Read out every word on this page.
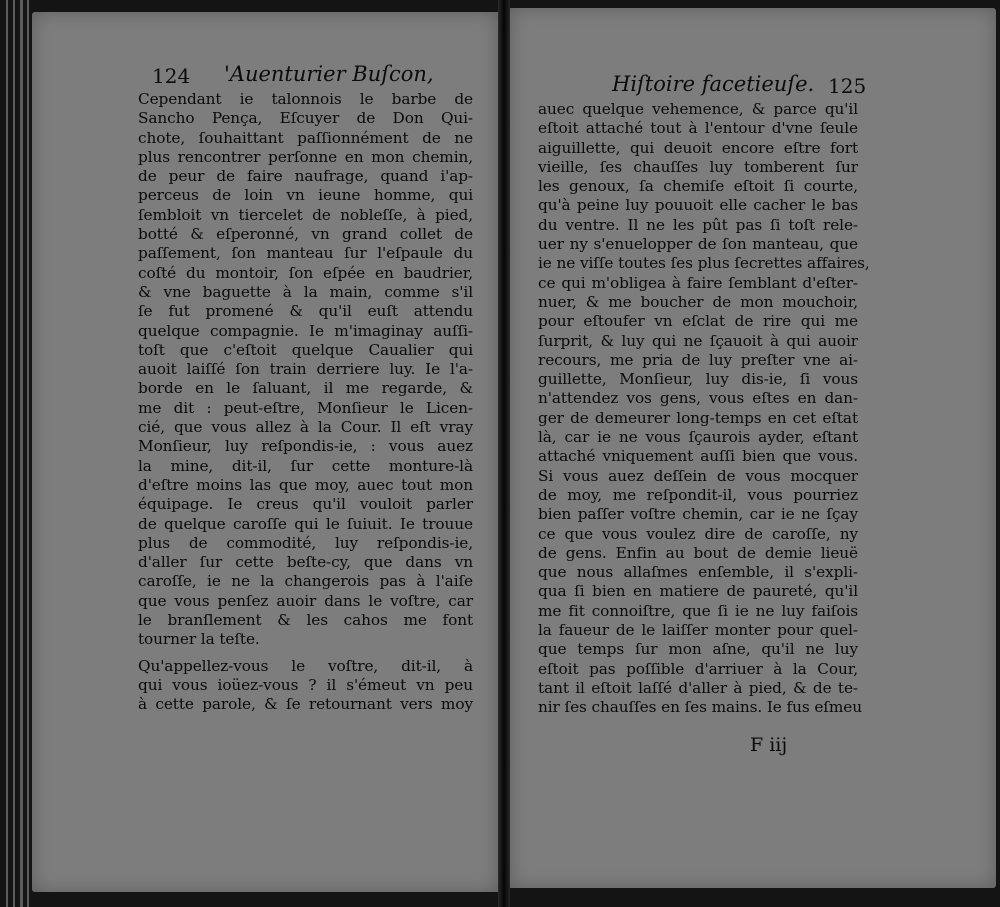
124 'Auenturier Buſcon,
Cependant ie talonnois le barbe de
Sancho Pença, Eſcuyer de Don Qui-
chote, ſouhaittant paſſionnément de ne
plus rencontrer perſonne en mon chemin,
de peur de faire naufrage, quand i'ap-
perceus de loin vn ieune homme, qui
ſembloit vn tiercelet de nobleſſe, à pied,
botté & eſperonné, vn grand collet de
paſſement, ſon manteau ſur l'eſpaule du
coſté du montoir, ſon eſpée en baudrier,
& vne baguette à la main, comme s'il
ſe fut promené & qu'il euſt attendu
quelque compagnie. Ie m'imaginay auſſi-
toſt que c'eſtoit quelque Caualier qui
auoit laiſſé ſon train derriere luy. Ie l'a-
borde en le ſaluant, il me regarde, &
me dit : peut-eſtre, Monſieur le Licen-
cié, que vous allez à la Cour. Il eſt vray
Monſieur, luy reſpondis-ie, : vous auez
la mine, dit-il, ſur cette monture-là
d'eſtre moins las que moy, auec tout mon
équipage. Ie creus qu'il vouloit parler
de quelque caroſſe qui le ſuiuit. Ie trouue
plus de commodité, luy reſpondis-ie,
d'aller ſur cette beſte-cy, que dans vn
caroſſe, ie ne la changerois pas à l'aiſe
que vous penſez auoir dans le voſtre, car
le branſlement & les cahos me font
tourner la teſte.
Qu'appellez-vous le voſtre, dit-il, à
qui vous ioüez-vous ? il s'émeut vn peu
à cette parole, & ſe retournant vers moy
Hiſtoire facetieuſe. 125
auec quelque vehemence, & parce qu'il
eſtoit attaché tout à l'entour d'vne ſeule
aiguillette, qui deuoit encore eſtre fort
vieille, ſes chauſſes luy tomberent ſur
les genoux, ſa chemiſe eſtoit ſi courte,
qu'à peine luy pouuoit elle cacher le bas
du ventre. Il ne les pût pas ſi toſt rele-
uer ny s'enuelopper de ſon manteau, que
ie ne viſſe toutes ſes plus ſecrettes affaires,
ce qui m'obligea à faire ſemblant d'eſter-
nuer, & me boucher de mon mouchoir,
pour eſtoufer vn eſclat de rire qui me
ſurprit, & luy qui ne ſçauoit à qui auoir
recours, me pria de luy preſter vne ai-
guillette, Monſieur, luy dis-ie, ſi vous
n'attendez vos gens, vous eſtes en dan-
ger de demeurer long-temps en cet eſtat
là, car ie ne vous ſçaurois ayder, eſtant
attaché vniquement auſſi bien que vous.
Si vous auez deſſein de vous mocquer
de moy, me reſpondit-il, vous pourriez
bien paſſer voſtre chemin, car ie ne ſçay
ce que vous voulez dire de caroſſe, ny
de gens. Enfin au bout de demie lieuë
que nous allaſmes enſemble, il s'expli-
qua ſi bien en matiere de paureté, qu'il
me fit connoiſtre, que ſi ie ne luy faiſois
la faueur de le laiſſer monter pour quel-
que temps ſur mon aſne, qu'il ne luy
eſtoit pas poſſible d'arriuer à la Cour,
tant il eſtoit laſſé d'aller à pied, & de te-
nir ſes chauſſes en ſes mains. Ie fus eſmeu
F iij
